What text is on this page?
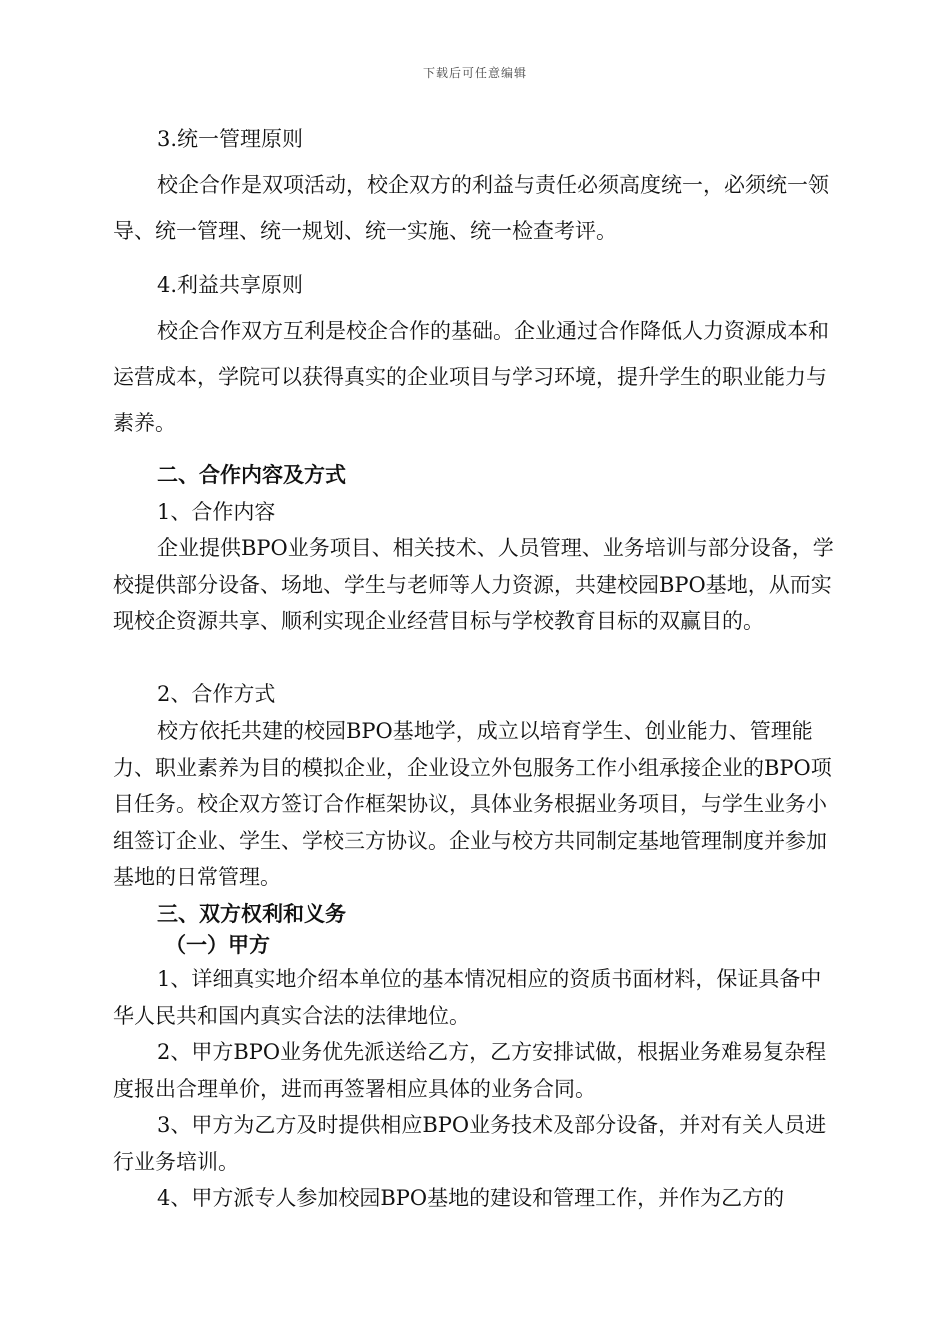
下载后可任意编辑

3.统一管理原则

校企合作是双项活动，校企双方的利益与责任必须高度统一，必须统一领导、统一管理、统一规划、统一实施、统一检查考评。

4.利益共享原则

校企合作双方互利是校企合作的基础。企业通过合作降低人力资源成本和运营成本，学院可以获得真实的企业项目与学习环境，提升学生的职业能力与素养。

二、合作内容及方式

1、合作内容

企业提供BPO业务项目、相关技术、人员管理、业务培训与部分设备，学校提供部分设备、场地、学生与老师等人力资源，共建校园BPO基地，从而实现校企资源共享、顺利实现企业经营目标与学校教育目标的双赢目的。

2、合作方式

校方依托共建的校园BPO基地学，成立以培育学生、创业能力、管理能力、职业素养为目的模拟企业，企业设立外包服务工作小组承接企业的BPO项目任务。校企双方签订合作框架协议，具体业务根据业务项目，与学生业务小组签订企业、学生、学校三方协议。企业与校方共同制定基地管理制度并参加基地的日常管理。

三、双方权利和义务

（一）甲方

1、详细真实地介绍本单位的基本情况相应的资质书面材料，保证具备中华人民共和国内真实合法的法律地位。

2、甲方BPO业务优先派送给乙方，乙方安排试做，根据业务难易复杂程度报出合理单价，进而再签署相应具体的业务合同。

3、甲方为乙方及时提供相应BPO业务技术及部分设备，并对有关人员进行业务培训。

4、甲方派专人参加校园BPO基地的建设和管理工作，并作为乙方的
